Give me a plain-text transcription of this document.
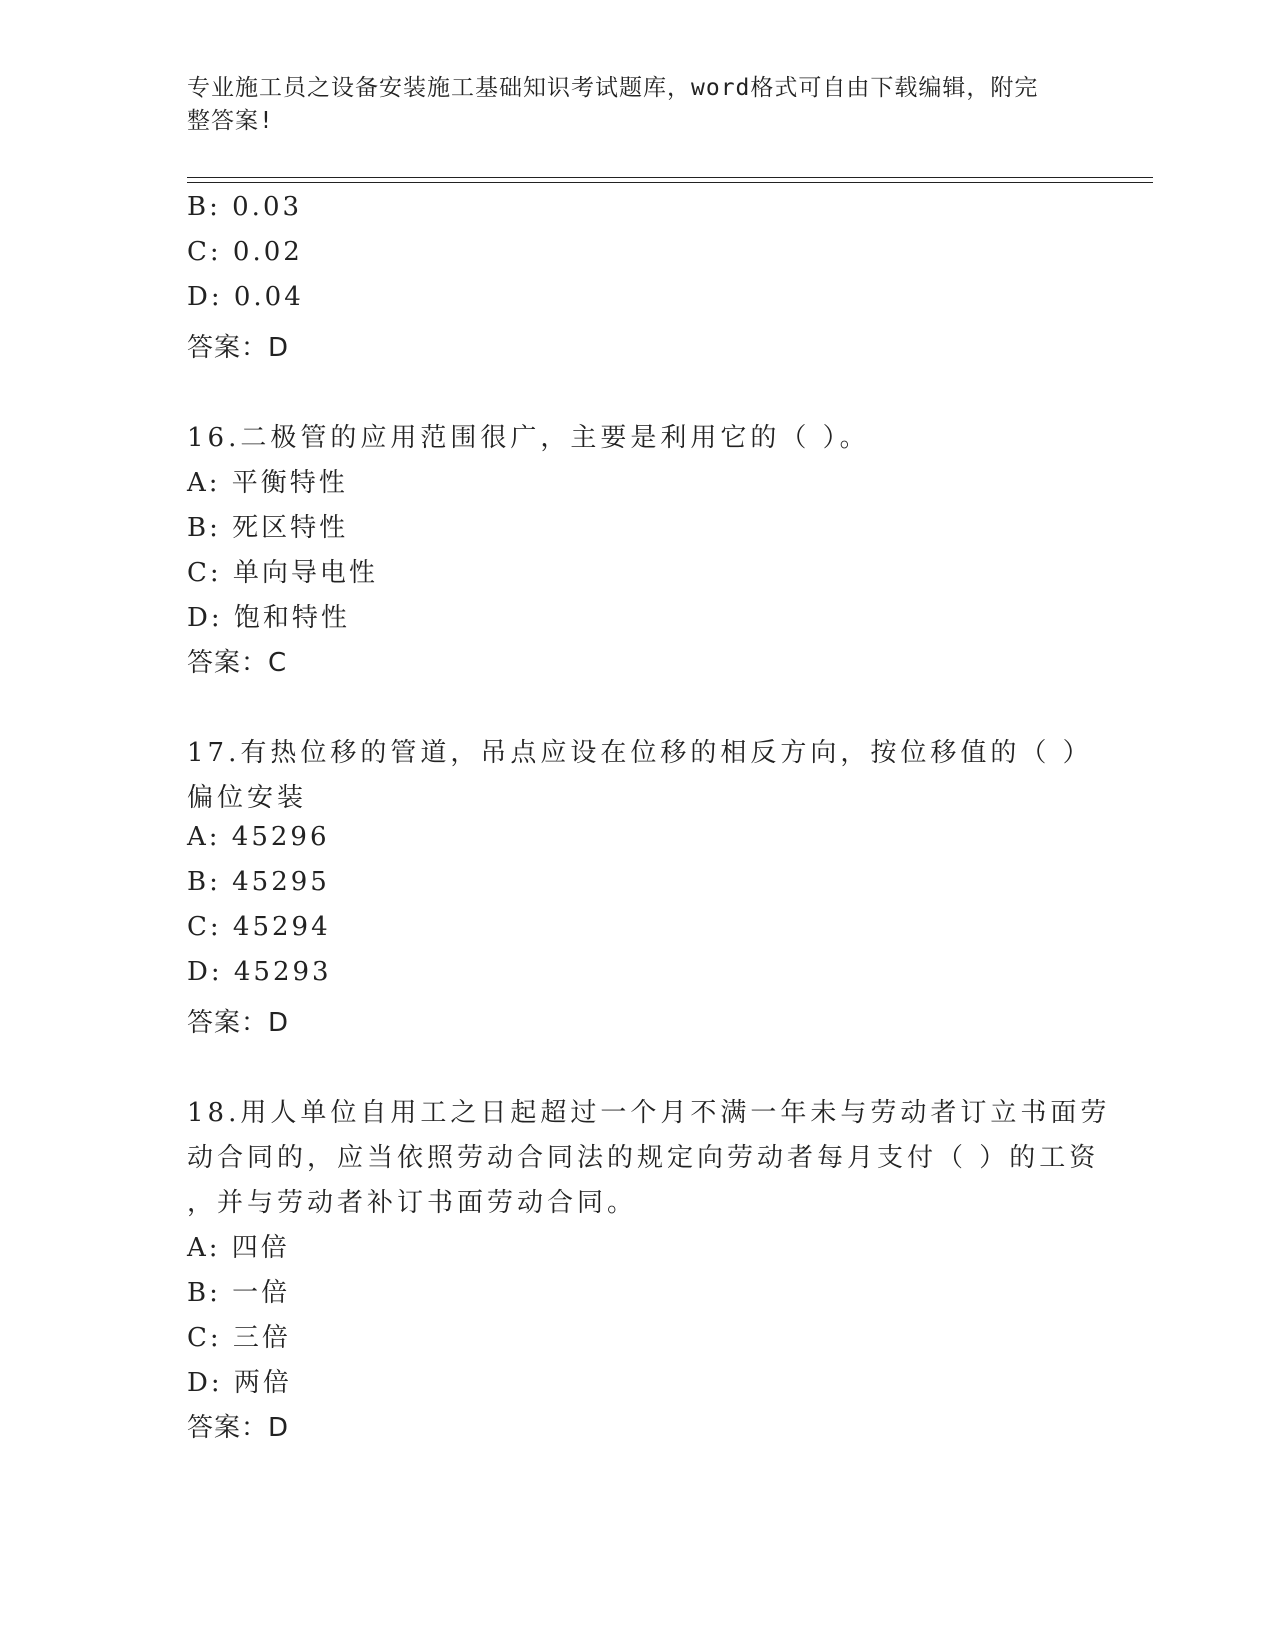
专业施工员之设备安装施工基础知识考试题库，word格式可自由下载编辑，附完
整答案!
B: 0.03
C: 0.02
D: 0.04
答案：D
16.二极管的应用范围很广，主要是利用它的（ ）。
A: 平衡特性
B: 死区特性
C: 单向导电性
D: 饱和特性
答案：C
17.有热位移的管道，吊点应设在位移的相反方向，按位移值的（ ）
偏位安装
A: 45296
B: 45295
C: 45294
D: 45293
答案：D
18.用人单位自用工之日起超过一个月不满一年未与劳动者订立书面劳
动合同的，应当依照劳动合同法的规定向劳动者每月支付（ ）的工资
，并与劳动者补订书面劳动合同。
A: 四倍
B: 一倍
C: 三倍
D: 两倍
答案：D
